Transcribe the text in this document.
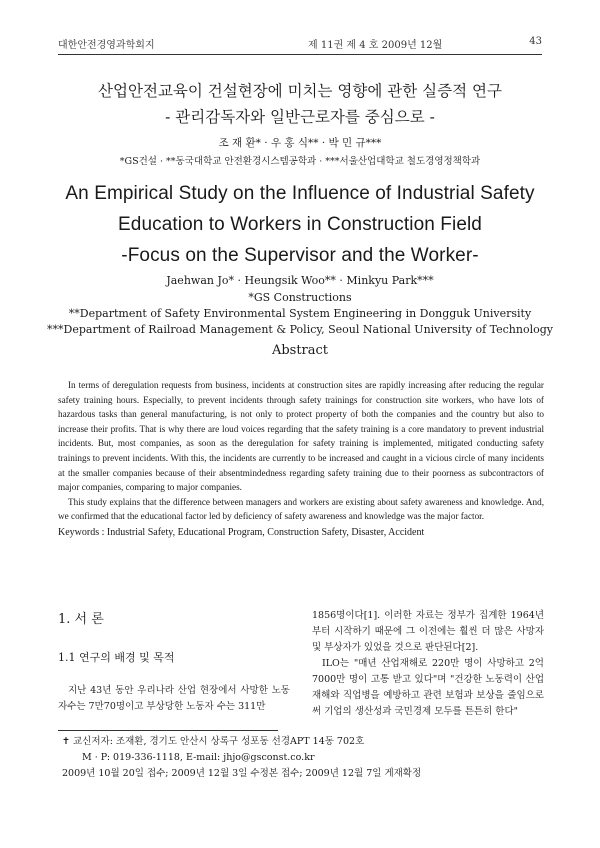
대한안전경영과학회지	제 11권 제 4 호 2009년 12월	43
산업안전교육이 건설현장에 미치는 영향에 관한 실증적 연구
- 관리감독자와 일반근로자를 중심으로 -
조 재 환* · 우 홍 식** · 박 민 규***
*GS건설 · **동국대학교 안전환경시스템공학과 · ***서울산업대학교 철도경영정책학과
An Empirical Study on the Influence of Industrial Safety
Education to Workers in Construction Field
-Focus on the Supervisor and the Worker-
Jaehwan Jo* · Heungsik Woo** · Minkyu Park***
*GS Constructions
**Department of Safety Environmental System Engineering in Dongguk University
***Department of Railroad Management & Policy, Seoul National University of Technology
Abstract

In terms of deregulation requests from business, incidents at construction sites are rapidly increasing after reducing the regular safety training hours. Especially, to prevent incidents through safety trainings for construction site workers, who have lots of hazardous tasks than general manufacturing, is not only to protect property of both the companies and the country but also to increase their profits. That is why there are loud voices regarding that the safety training is a core mandatory to prevent industrial incidents. But, most companies, as soon as the deregulation for safety training is implemented, mitigated conducting safety trainings to prevent incidents. With this, the incidents are currently to be increased and caught in a vicious circle of many incidents at the smaller companies because of their absentmindedness regarding safety training due to their poorness as subcontractors of major companies, comparing to major companies.

This study explains that the difference between managers and workers are existing about safety awareness and knowledge. And, we confirmed that the educational factor led by deficiency of safety awareness and knowledge was the major factor.

Keywords : Industrial Safety, Educational Program, Construction Safety, Disaster, Accident
1. 서 론
1.1 연구의 배경 및 목적

지난 43년 동안 우리나라 산업 현장에서 사망한 노동자수는 7만70명이고 부상당한 노동자 수는 311만

1856명이다[1]. 이러한 자료는 정부가 집계한 1964년부터 시작하기 때문에 그 이전에는 훨씬 더 많은 사망자 및 부상자가 있었을 것으로 판단된다[2].

ILO는 "매년 산업재해로 220만 명이 사망하고 2억 7000만 명이 고통 받고 있다"며 "건강한 노동력이 산업재해와 직업병을 예방하고 관련 보험과 보상을 줄임으로써 기업의 생산성과 국민경제 모두를 튼튼히 한다"

✝ 교신저자: 조재환, 경기도 안산시 상록구 성포동 선경APT 14동 702호
M · P: 019-336-1118, E-mail: jhjo@gsconst.co.kr
2009년 10월 20일 접수; 2009년 12월 3일 수정본 접수; 2009년 12월 7일 게재확정
